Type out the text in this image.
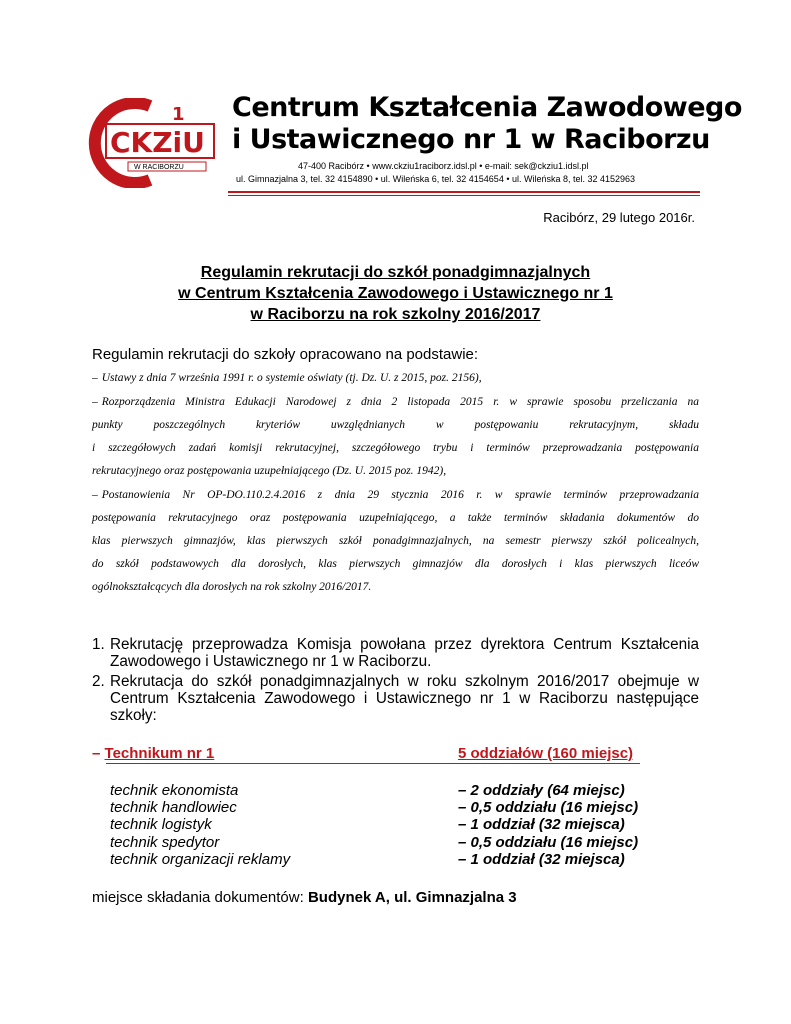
CKZiU
1
W RACIBORZU
Centrum Kształcenia Zawodowego
i Ustawicznego nr 1 w Raciborzu
47-400 Racibórz • www.ckziu1raciborz.idsl.pl • e-mail: sek@ckziu1.idsl.pl
ul. Gimnazjalna 3, tel. 32 4154890 • ul. Wileńska 6, tel. 32 4154654 • ul. Wileńska 8, tel. 32 4152963
Racibórz, 29 lutego 2016r.
Regulamin rekrutacji do szkół ponadgimnazjalnych
w Centrum Kształcenia Zawodowego i Ustawicznego nr 1
w Raciborzu na rok szkolny 2016/2017
Regulamin rekrutacji do szkoły opracowano na podstawie:
– Ustawy z dnia 7 września 1991 r. o systemie oświaty (tj. Dz. U. z 2015, poz. 2156),
– Rozporządzenia Ministra Edukacji Narodowej z dnia 2 listopada 2015 r. w sprawie sposobu przeliczania na
punkty poszczególnych kryteriów uwzględnianych w postępowaniu rekrutacyjnym, składu
i szczegółowych zadań komisji rekrutacyjnej, szczegółowego trybu i terminów przeprowadzania postępowania
rekrutacyjnego oraz postępowania uzupełniającego (Dz. U. 2015 poz. 1942),
– Postanowienia Nr OP-DO.110.2.4.2016 z dnia 29 stycznia 2016 r. w sprawie terminów przeprowadzania
postępowania rekrutacyjnego oraz postępowania uzupełniającego, a także terminów składania dokumentów do
klas pierwszych gimnazjów, klas pierwszych szkół ponadgimnazjalnych, na semestr pierwszy szkół policealnych,
do szkół podstawowych dla dorosłych, klas pierwszych gimnazjów dla dorosłych i klas pierwszych liceów
ogólnokształcących dla dorosłych na rok szkolny 2016/2017.
1. Rekrutację przeprowadza Komisja powołana przez dyrektora Centrum Kształcenia
Zawodowego i Ustawicznego nr 1 w Raciborzu.
2. Rekrutacja do szkół ponadgimnazjalnych w roku szkolnym 2016/2017 obejmuje w
Centrum Kształcenia Zawodowego i Ustawicznego nr 1 w Raciborzu następujące
szkoły:
– Technikum nr 1	5 oddziałów (160 miejsc)
technik ekonomista	– 2 oddziały (64 miejsc)
technik handlowiec	– 0,5 oddziału (16 miejsc)
technik logistyk	– 1 oddział (32 miejsca)
technik spedytor	– 0,5 oddziału (16 miejsc)
technik organizacji reklamy	– 1 oddział (32 miejsca)
miejsce składania dokumentów: Budynek A, ul. Gimnazjalna 3
